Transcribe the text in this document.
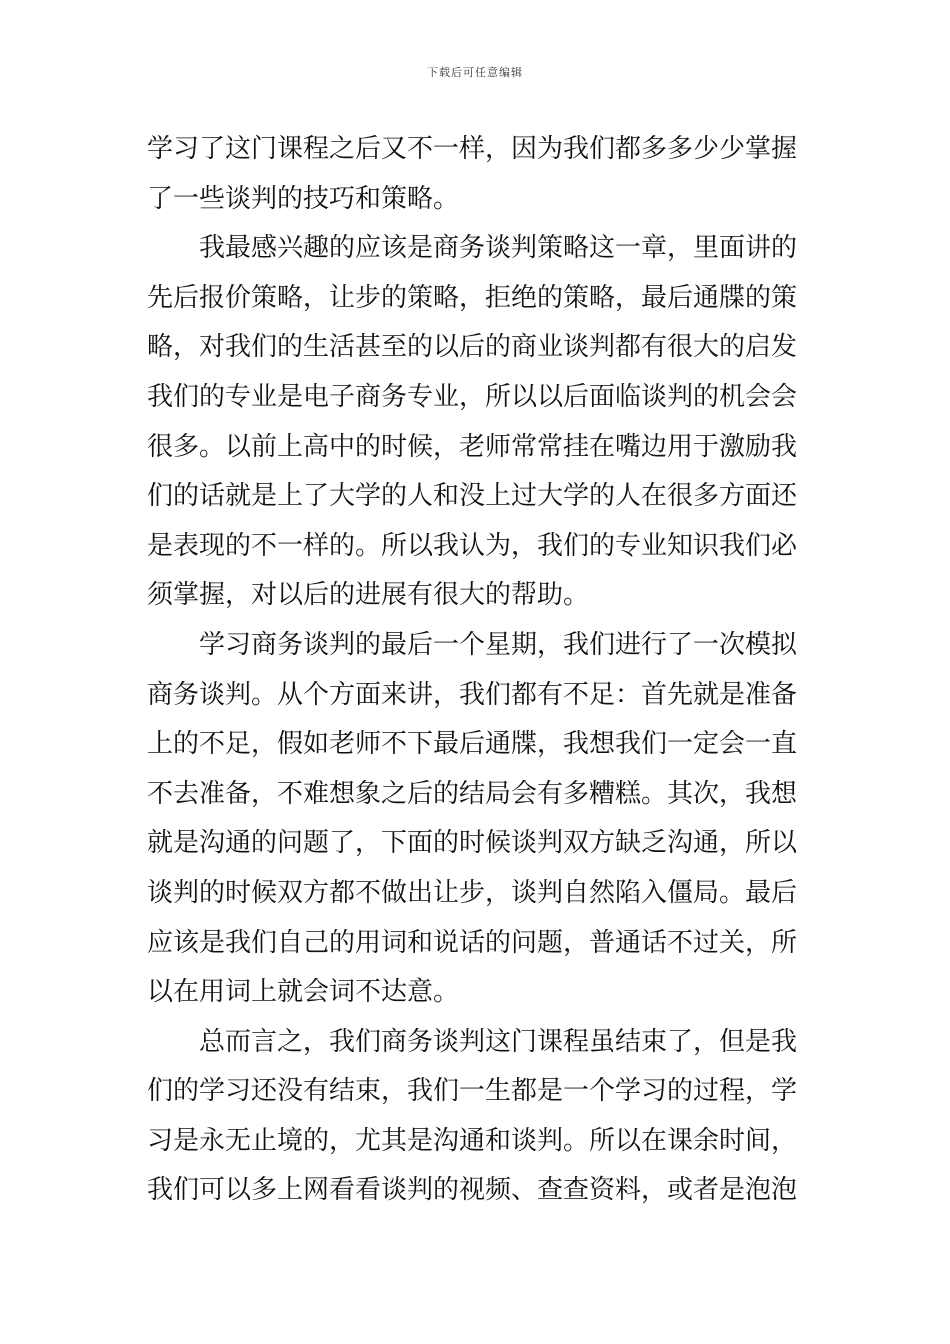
下载后可任意编辑
学习了这门课程之后又不一样，因为我们都多多少少掌握
了一些谈判的技巧和策略。
我最感兴趣的应该是商务谈判策略这一章，里面讲的
先后报价策略，让步的策略，拒绝的策略，最后通牒的策
略，对我们的生活甚至的以后的商业谈判都有很大的启发
我们的专业是电子商务专业，所以以后面临谈判的机会会
很多。以前上高中的时候，老师常常挂在嘴边用于激励我
们的话就是上了大学的人和没上过大学的人在很多方面还
是表现的不一样的。所以我认为，我们的专业知识我们必
须掌握，对以后的进展有很大的帮助。
学习商务谈判的最后一个星期，我们进行了一次模拟
商务谈判。从个方面来讲，我们都有不足：首先就是准备
上的不足，假如老师不下最后通牒，我想我们一定会一直
不去准备，不难想象之后的结局会有多糟糕。其次，我想
就是沟通的问题了，下面的时候谈判双方缺乏沟通，所以
谈判的时候双方都不做出让步，谈判自然陷入僵局。最后
应该是我们自己的用词和说话的问题，普通话不过关，所
以在用词上就会词不达意。
总而言之，我们商务谈判这门课程虽结束了，但是我
们的学习还没有结束，我们一生都是一个学习的过程，学
习是永无止境的，尤其是沟通和谈判。所以在课余时间，
我们可以多上网看看谈判的视频、查查资料，或者是泡泡
